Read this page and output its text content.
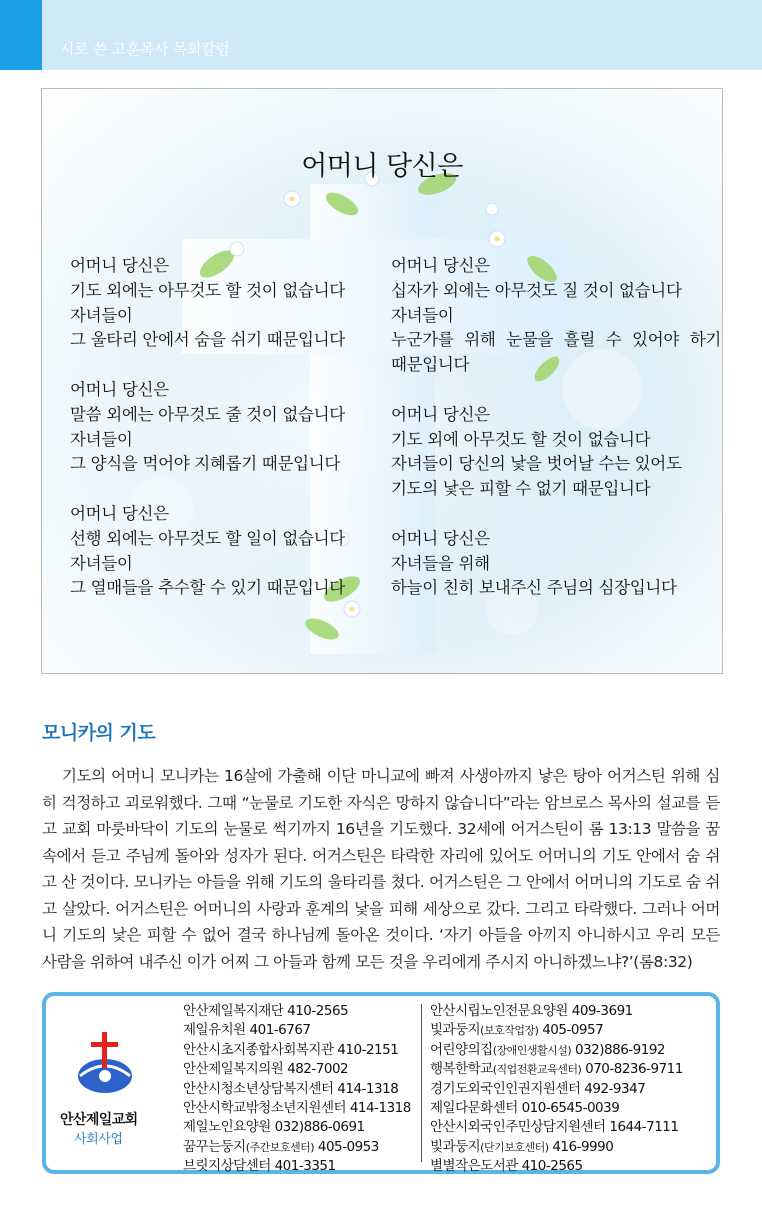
시로 쓴 고훈목사 목회칼럼
어머니 당신은
어머니 당신은
기도 외에는 아무것도 할 것이 없습니다
자녀들이
그 울타리 안에서 숨을 쉬기 때문입니다
어머니 당신은
말씀 외에는 아무것도 줄 것이 없습니다
자녀들이
그 양식을 먹어야 지혜롭기 때문입니다
어머니 당신은
선행 외에는 아무것도 할 일이 없습니다
자녀들이
그 열매들을 추수할 수 있기 때문입니다
어머니 당신은
십자가 외에는 아무것도 질 것이 없습니다
자녀들이
누군가를 위해 눈물을 흘릴 수 있어야 하기
때문입니다
어머니 당신은
기도 외에 아무것도 할 것이 없습니다
자녀들이 당신의 낯을 벗어날 수는 있어도
기도의 낯은 피할 수 없기 때문입니다
어머니 당신은
자녀들을 위해
하늘이 친히 보내주신 주님의 심장입니다
모니카의 기도
기도의 어머니 모니카는 16살에 가출해 이단 마니교에 빠져 사생아까지 낳은 탕아 어거스틴 위해 심히 걱정하고 괴로워했다. 그때 “눈물로 기도한 자식은 망하지 않습니다”라는 암브로스 목사의 설교를 듣고 교회 마룻바닥이 기도의 눈물로 썩기까지 16년을 기도했다. 32세에 어거스틴이 롬 13:13 말씀을 꿈속에서 듣고 주님께 돌아와 성자가 된다. 어거스틴은 타락한 자리에 있어도 어머니의 기도 안에서 숨 쉬고 산 것이다. 모니카는 아들을 위해 기도의 울타리를 쳤다. 어거스틴은 그 안에서 어머니의 기도로 숨 쉬고 살았다. 어거스틴은 어머니의 사랑과 훈계의 낯을 피해 세상으로 갔다. 그리고 타락했다. 그러나 어머니 기도의 낯은 피할 수 없어 결국 하나님께 돌아온 것이다. ‘자기 아들을 아끼지 아니하시고 우리 모든 사람을 위하여 내주신 이가 어찌 그 아들과 함께 모든 것을 우리에게 주시지 아니하겠느냐?’(롬8:32)
안산제일교회
사회사업
안산제일복지재단 410-2565
제일유치원 401-6767
안산시초지종합사회복지관 410-2151
안산제일복지의원 482-7002
안산시청소년상담복지센터 414-1318
안산시학교밖청소년지원센터 414-1318
제일노인요양원 032)886-0691
꿈꾸는둥지(주간보호센터) 405-0953
브릿지상담센터 401-3351
안산시립노인전문요양원 409-3691
빛과둥지(보호작업장) 405-0957
어린양의집(장애인생활시설) 032)886-9192
행복한학교(직업전환교육센터) 070-8236-9711
경기도외국인인권지원센터 492-9347
제일다문화센터 010-6545-0039
안산시외국인주민상담지원센터 1644-7111
빛과둥지(단기보호센터) 416-9990
별별작은도서관 410-2565
